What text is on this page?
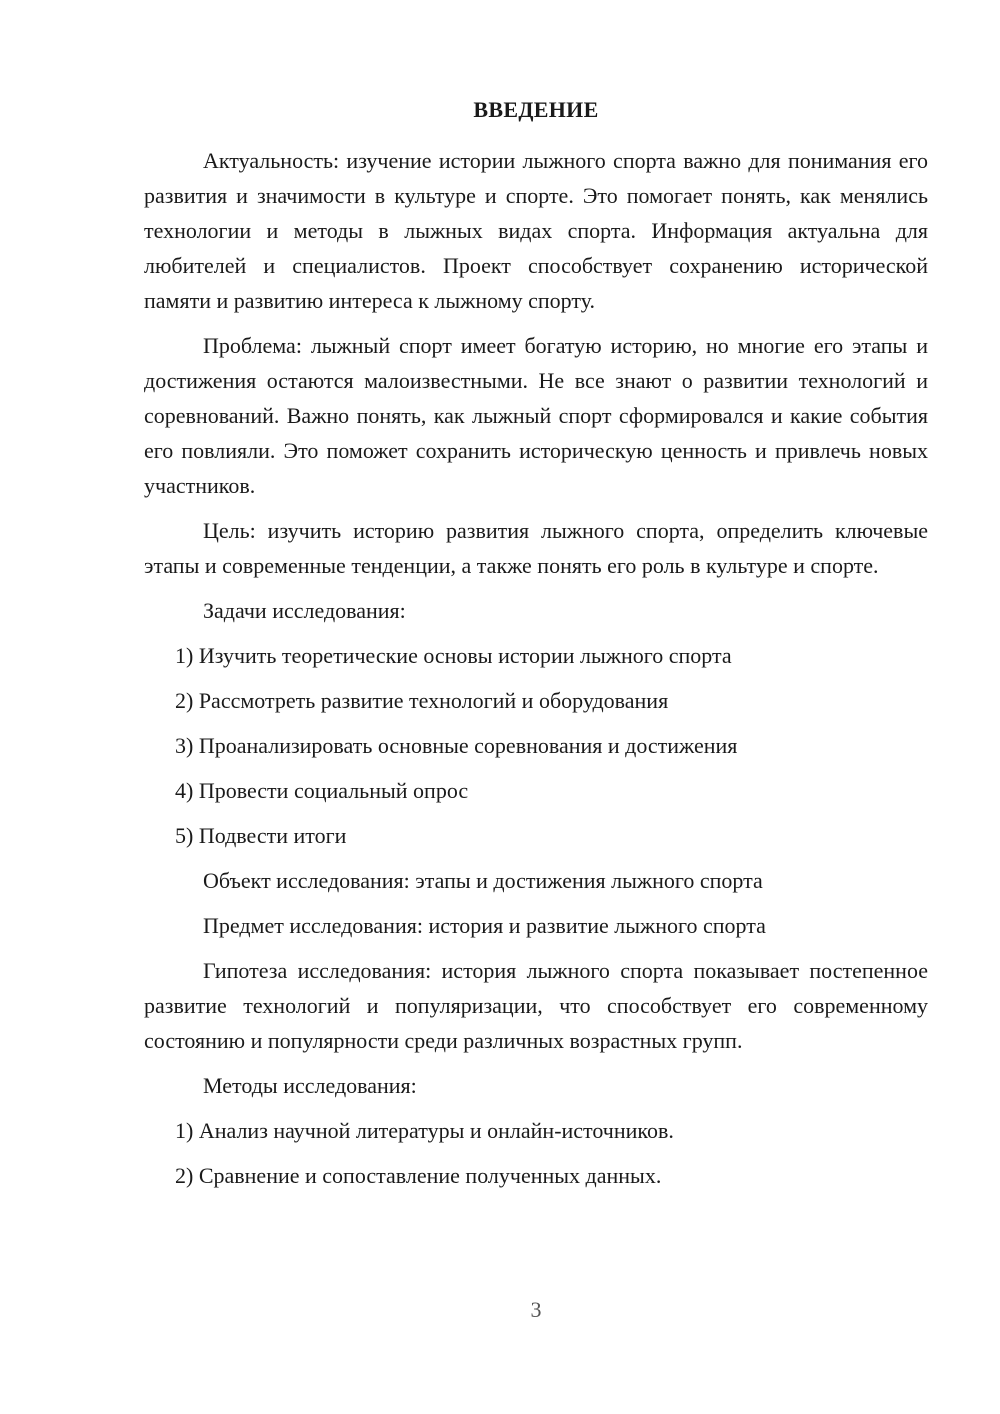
ВВЕДЕНИЕ

Актуальность: изучение истории лыжного спорта важно для понимания его развития и значимости в культуре и спорте. Это помогает понять, как менялись технологии и методы в лыжных видах спорта. Информация актуальна для любителей и специалистов. Проект способствует сохранению исторической памяти и развитию интереса к лыжному спорту.

Проблема: лыжный спорт имеет богатую историю, но многие его этапы и достижения остаются малоизвестными. Не все знают о развитии технологий и соревнований. Важно понять, как лыжный спорт сформировался и какие события его повлияли. Это поможет сохранить историческую ценность и привлечь новых участников.

Цель: изучить историю развития лыжного спорта, определить ключевые этапы и современные тенденции, а также понять его роль в культуре и спорте.

Задачи исследования:

1) Изучить теоретические основы истории лыжного спорта

2) Рассмотреть развитие технологий и оборудования

3) Проанализировать основные соревнования и достижения

4) Провести социальный опрос

5) Подвести итоги

Объект исследования: этапы и достижения лыжного спорта

Предмет исследования: история и развитие лыжного спорта

Гипотеза исследования: история лыжного спорта показывает постепенное развитие технологий и популяризации, что способствует его современному состоянию и популярности среди различных возрастных групп.

Методы исследования:

1) Анализ научной литературы и онлайн-источников.

2) Сравнение и сопоставление полученных данных.

3
